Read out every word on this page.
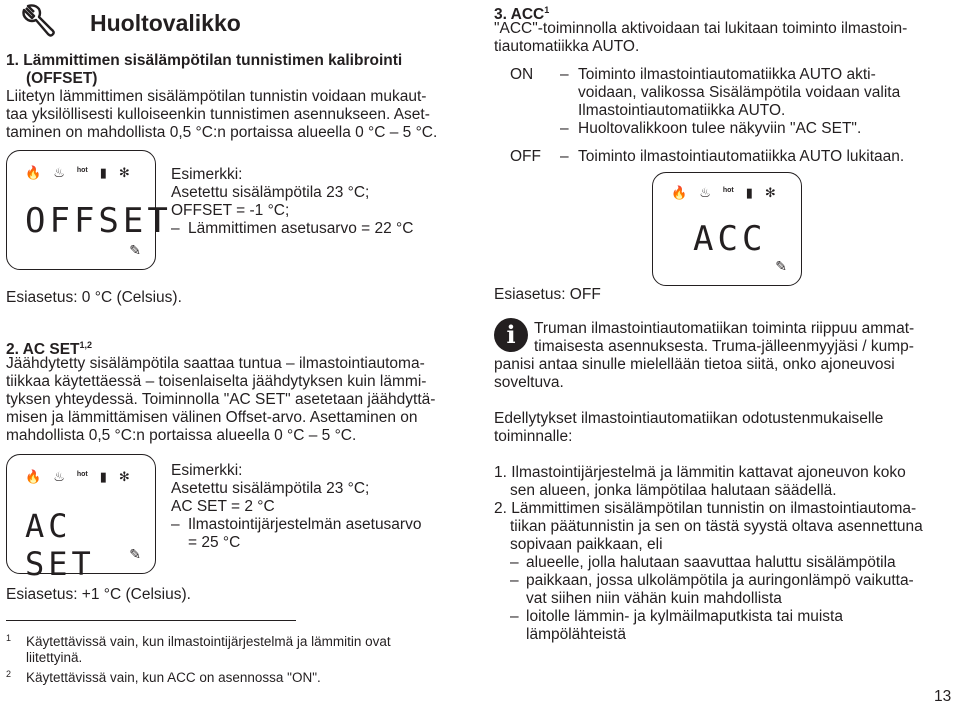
Huoltovalikko
1. Lämmittimen sisälämpötilan tunnistimen kalibrointi
(OFFSET)
Liitetyn lämmittimen sisälämpötilan tunnistin voidaan mukaut-
taa yksilöllisesti kulloiseenkin tunnistimen asennukseen. Aset-
taminen on mahdollista 0,5 °C:n portaissa alueella 0 °C – 5 °C.
🔥 ♨ $^{hot}$ ▮ ✻
OFFSET
✎
Esimerkki:
Asetettu sisälämpötila 23 °C;
OFFSET = -1 °C;
– Lämmittimen asetusarvo = 22 °C
Esiasetus: 0 °C (Celsius).
2. AC SET$^{1,2}$
Jäähdytetty sisälämpötila saattaa tuntua – ilmastointiautoma-
tiikkaa käytettäessä – toisenlaiselta jäähdytyksen kuin lämmi-
tyksen yhteydessä. Toiminnolla "AC SET" asetetaan jäähdyttä-
misen ja lämmittämisen välinen Offset-arvo. Asettaminen on
mahdollista 0,5 °C:n portaissa alueella 0 °C – 5 °C.
🔥 ♨ $^{hot}$ ▮ ✻
AC SET	✎
Esimerkki:
Asetettu sisälämpötila 23 °C;
AC SET = 2 °C
– Ilmastointijärjestelmän asetusarvo
= 25 °C
Esiasetus: +1 °C (Celsius).
1 Käytettävissä vain, kun ilmastointijärjestelmä ja lämmitin ovat
liitettyinä.
2 Käytettävissä vain, kun ACC on asennossa "ON".
3. ACC$^1$
"ACC"-toiminnolla aktivoidaan tai lukitaan toiminto ilmastoin-
tiautomatiikka AUTO.
ON – Toiminto ilmastointiautomatiikka AUTO akti-
voidaan, valikossa Sisälämpötila voidaan valita
Ilmastointiautomatiikka AUTO.
– Huoltovalikkoon tulee näkyviin "AC SET".
OFF – Toiminto ilmastointiautomatiikka AUTO lukitaan.
🔥 ♨ $^{hot}$ ▮ ✻
ACC
✎
Esiasetus: OFF
i	Truman ilmastointiautomatiikan toiminta riippuu ammat-
timaisesta asennuksesta. Truma-jälleenmyyjäsi / kump-
panisi antaa sinulle mielellään tietoa siitä, onko ajoneuvosi
soveltuva.
Edellytykset ilmastointiautomatiikan odotustenmukaiselle
toiminnalle:
1. Ilmastointijärjestelmä ja lämmitin kattavat ajoneuvon koko
sen alueen, jonka lämpötilaa halutaan säädellä.
2. Lämmittimen sisälämpötilan tunnistin on ilmastointiautoma-
tiikan päätunnistin ja sen on tästä syystä oltava asennettuna
sopivaan paikkaan, eli
– alueelle, jolla halutaan saavuttaa haluttu sisälämpötila
– paikkaan, jossa ulkolämpötila ja auringonlämpö vaikutta-
vat siihen niin vähän kuin mahdollista
– loitolle lämmin- ja kylmäilmaputkista tai muista
lämpölähteistä
13
